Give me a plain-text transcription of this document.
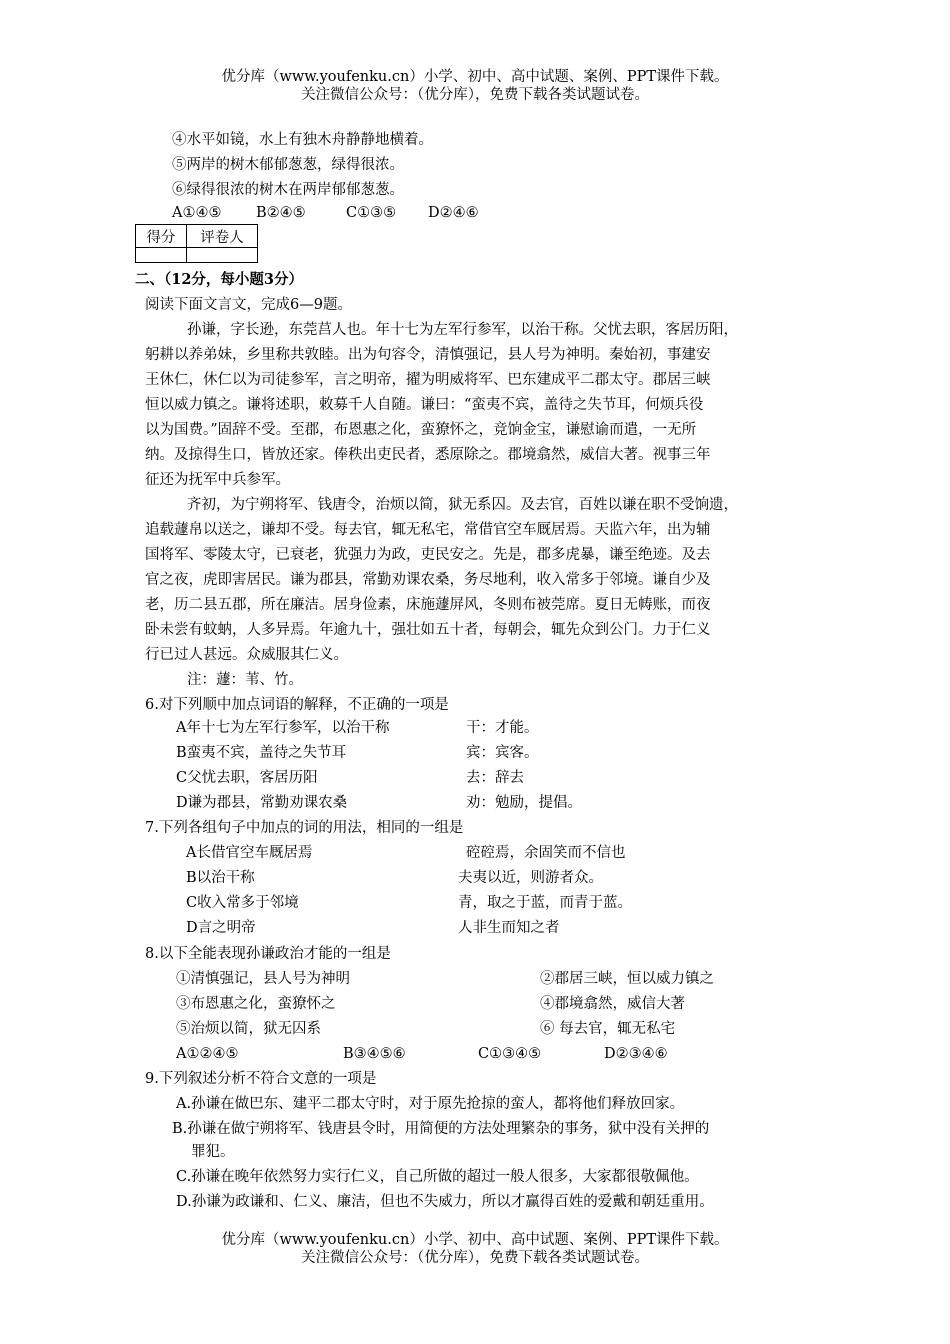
优分库（www.youfenku.cn）小学、初中、高中试题、案例、PPT课件下载。
关注微信公众号：（优分库），免费下载各类试题试卷。
④水平如镜，水上有独木舟静静地横着。
⑤两岸的树木郁郁葱葱，绿得很浓。
⑥绿得很浓的树木在两岸郁郁葱葱。
A①④⑤ B②④⑤	C①③⑤ D②④⑥
得分	评卷人

二、（12分，每小题3分）
阅读下面文言文，完成6—9题。
孙谦，字长逊，东莞莒人也。年十七为左军行参军，以治干称。父忧去职，客居历阳，
躬耕以养弟妹，乡里称共敦睦。出为句容令，清慎强记，县人号为神明。秦始初，事建安
王休仁，休仁以为司徒参军，言之明帝，擢为明威将军、巴东建成平二郡太守。郡居三峡
恒以威力镇之。谦将述职，敕募千人自随。谦曰：“蛮夷不宾，盖待之失节耳，何烦兵役
以为国费。”固辞不受。至郡，布恩惠之化，蛮獠怀之，竞饷金宝，谦慰谕而遣，一无所
纳。及掠得生口，皆放还家。俸秩出吏民者，悉原除之。郡境翕然，威信大著。视事三年
征还为抚军中兵参军。
齐初，为宁朔将军、钱唐令，治烦以简，狱无系囚。及去官，百姓以谦在职不受饷遗，
追载蘧帛以送之，谦却不受。每去官，辄无私宅，常借官空车厩居焉。天监六年，出为辅
国将军、零陵太守，已衰老，犹强力为政，吏民安之。先是，郡多虎暴，谦至绝迹。及去
官之夜，虎即害居民。谦为郡县，常勤劝课农桑，务尽地利，收入常多于邻境。谦自少及
老，历二县五郡，所在廉洁。居身俭素，床施蘧屏风，冬则布被莞席。夏日无帱账，而夜
卧未尝有蚊蚋，人多异焉。年逾九十，强壮如五十者，每朝会，辄先众到公门。力于仁义
行已过人甚远。众威服其仁义。
注：蘧：苇、竹。
6.对下列顺中加点词语的解释，不正确的一项是
A年十七为左军行参军，以治干称	干：才能。
B蛮夷不宾，盖待之失节耳	宾：宾客。
C父忧去职，客居历阳	去：辞去
D谦为郡县，常勤劝课农桑	劝：勉励，提倡。
7.下列各组句子中加点的词的用法，相同的一组是
A长借官空车厩居焉	硿硿焉，余固笑而不信也
B以治干称	夫夷以近，则游者众。
C收入常多于邻境	青，取之于蓝，而青于蓝。
D言之明帝	人非生而知之者
8.以下全能表现孙谦政治才能的一组是
①清慎强记，县人号为神明	②郡居三峡，恒以威力镇之
③布恩惠之化，蛮獠怀之	④郡境翕然，威信大著
⑤治烦以简，狱无囚系	⑥ 每去官，辄无私宅
A①②④⑤	B③④⑤⑥	C①③④⑤	D②③④⑥
9.下列叙述分析不符合文意的一项是
A.孙谦在做巴东、建平二郡太守时，对于原先抢掠的蛮人，都将他们释放回家。
B.孙谦在做宁朔将军、钱唐县令时，用简便的方法处理繁杂的事务，狱中没有关押的
罪犯。
C.孙谦在晚年依然努力实行仁义，自己所做的超过一般人很多，大家都很敬佩他。
D.孙谦为政谦和、仁义、廉洁，但也不失威力，所以才赢得百姓的爱戴和朝廷重用。
优分库（www.youfenku.cn）小学、初中、高中试题、案例、PPT课件下载。
关注微信公众号：（优分库），免费下载各类试题试卷。
